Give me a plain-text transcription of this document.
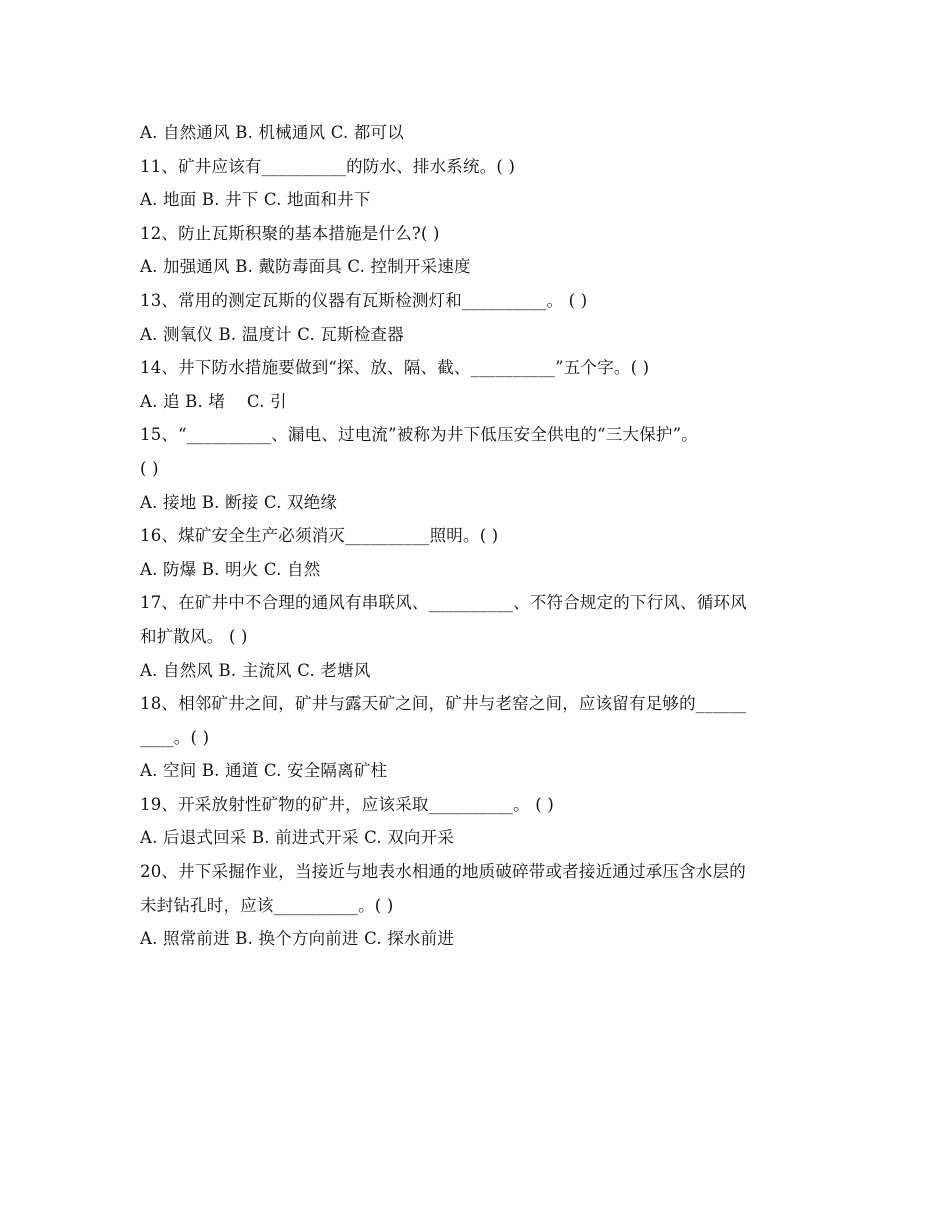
A. 自然通风 B. 机械通风 C. 都可以
11、矿井应该有__________的防水、排水系统。( )
A. 地面 B. 井下 C. 地面和井下
12、防止瓦斯积聚的基本措施是什么?( )
A. 加强通风 B. 戴防毒面具 C. 控制开采速度
13、常用的测定瓦斯的仪器有瓦斯检测灯和__________。 ( )
A. 测氧仪 B. 温度计 C. 瓦斯检查器
14、井下防水措施要做到“探、放、隔、截、__________”五个字。( )
A. 追 B. 堵    C. 引
15、“__________、漏电、过电流”被称为井下低压安全供电的“三大保护”。
( )
A. 接地 B. 断接 C. 双绝缘
16、煤矿安全生产必须消灭__________照明。( )
A. 防爆 B. 明火 C. 自然
17、在矿井中不合理的通风有串联风、__________、不符合规定的下行风、循环风
和扩散风。 ( )
A. 自然风 B. 主流风 C. 老塘风
18、相邻矿井之间，矿井与露天矿之间，矿井与老窑之间，应该留有足够的______
____。( )
A. 空间 B. 通道 C. 安全隔离矿柱
19、开采放射性矿物的矿井，应该采取__________。 ( )
A. 后退式回采 B. 前进式开采 C. 双向开采
20、井下采掘作业，当接近与地表水相通的地质破碎带或者接近通过承压含水层的
未封钻孔时，应该__________。( )
A. 照常前进 B. 换个方向前进 C. 探水前进
